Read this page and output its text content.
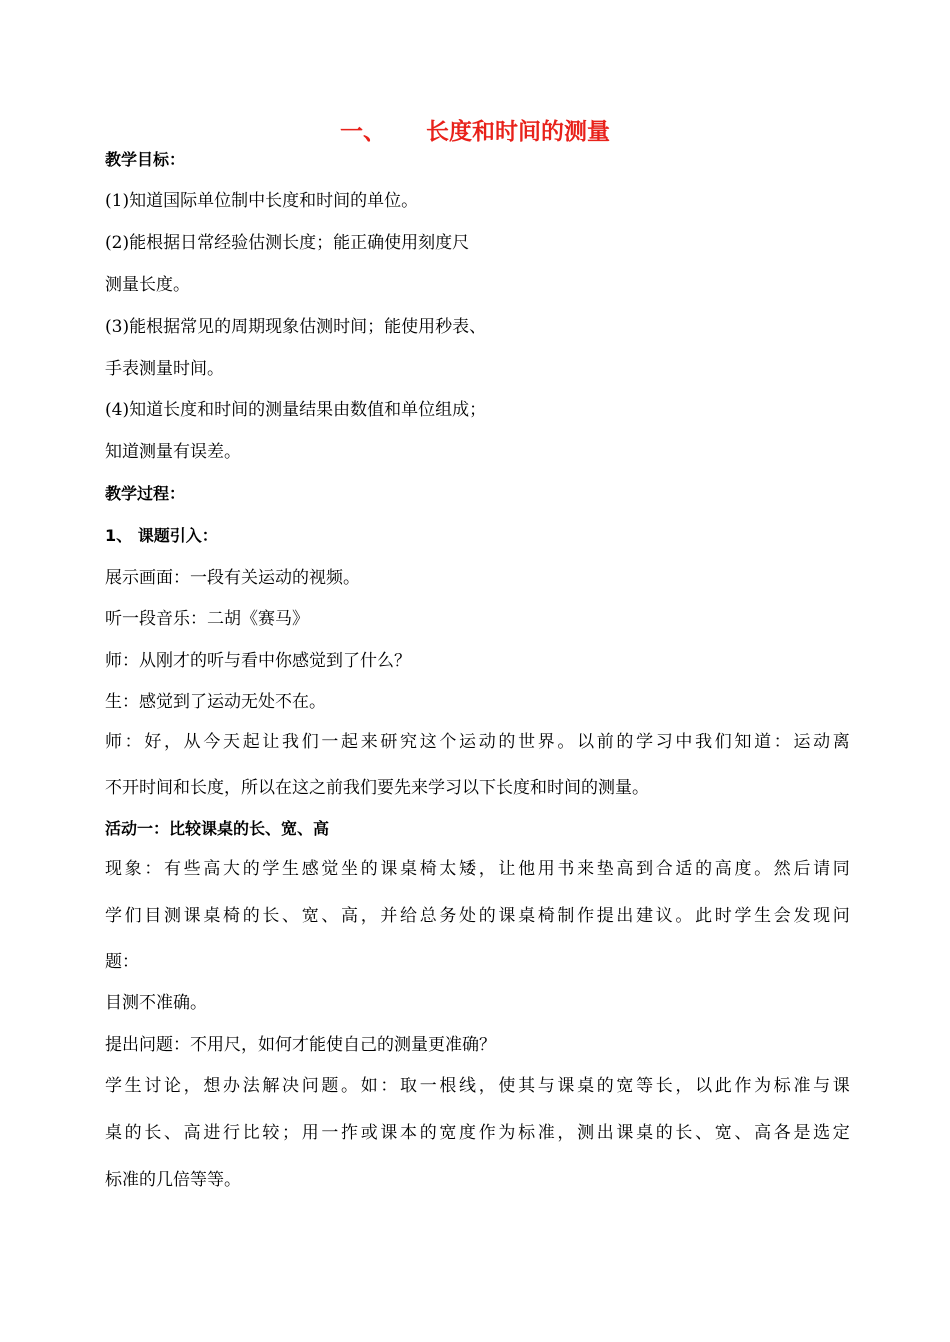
一、 长度和时间的测量
教学目标：
(1)知道国际单位制中长度和时间的单位。
(2)能根据日常经验估测长度；能正确使用刻度尺
测量长度。
(3)能根据常见的周期现象估测时间；能使用秒表、
手表测量时间。
(4)知道长度和时间的测量结果由数值和单位组成；
知道测量有误差。
教学过程：
1、 课题引入：
展示画面：一段有关运动的视频。
听一段音乐：二胡《赛马》
师：从刚才的听与看中你感觉到了什么？
生：感觉到了运动无处不在。
师：好，从今天起让我们一起来研究这个运动的世界。以前的学习中我们知道：运动离
不开时间和长度，所以在这之前我们要先来学习以下长度和时间的测量。
活动一：比较课桌的长、宽、高
现象：有些高大的学生感觉坐的课桌椅太矮，让他用书来垫高到合适的高度。然后请同
学们目测课桌椅的长、宽、高，并给总务处的课桌椅制作提出建议。此时学生会发现问
题：
目测不准确。
提出问题：不用尺，如何才能使自己的测量更准确？
学生讨论，想办法解决问题。如：取一根线，使其与课桌的宽等长，以此作为标准与课
桌的长、高进行比较；用一拃或课本的宽度作为标准，测出课桌的长、宽、高各是选定
标准的几倍等等。
